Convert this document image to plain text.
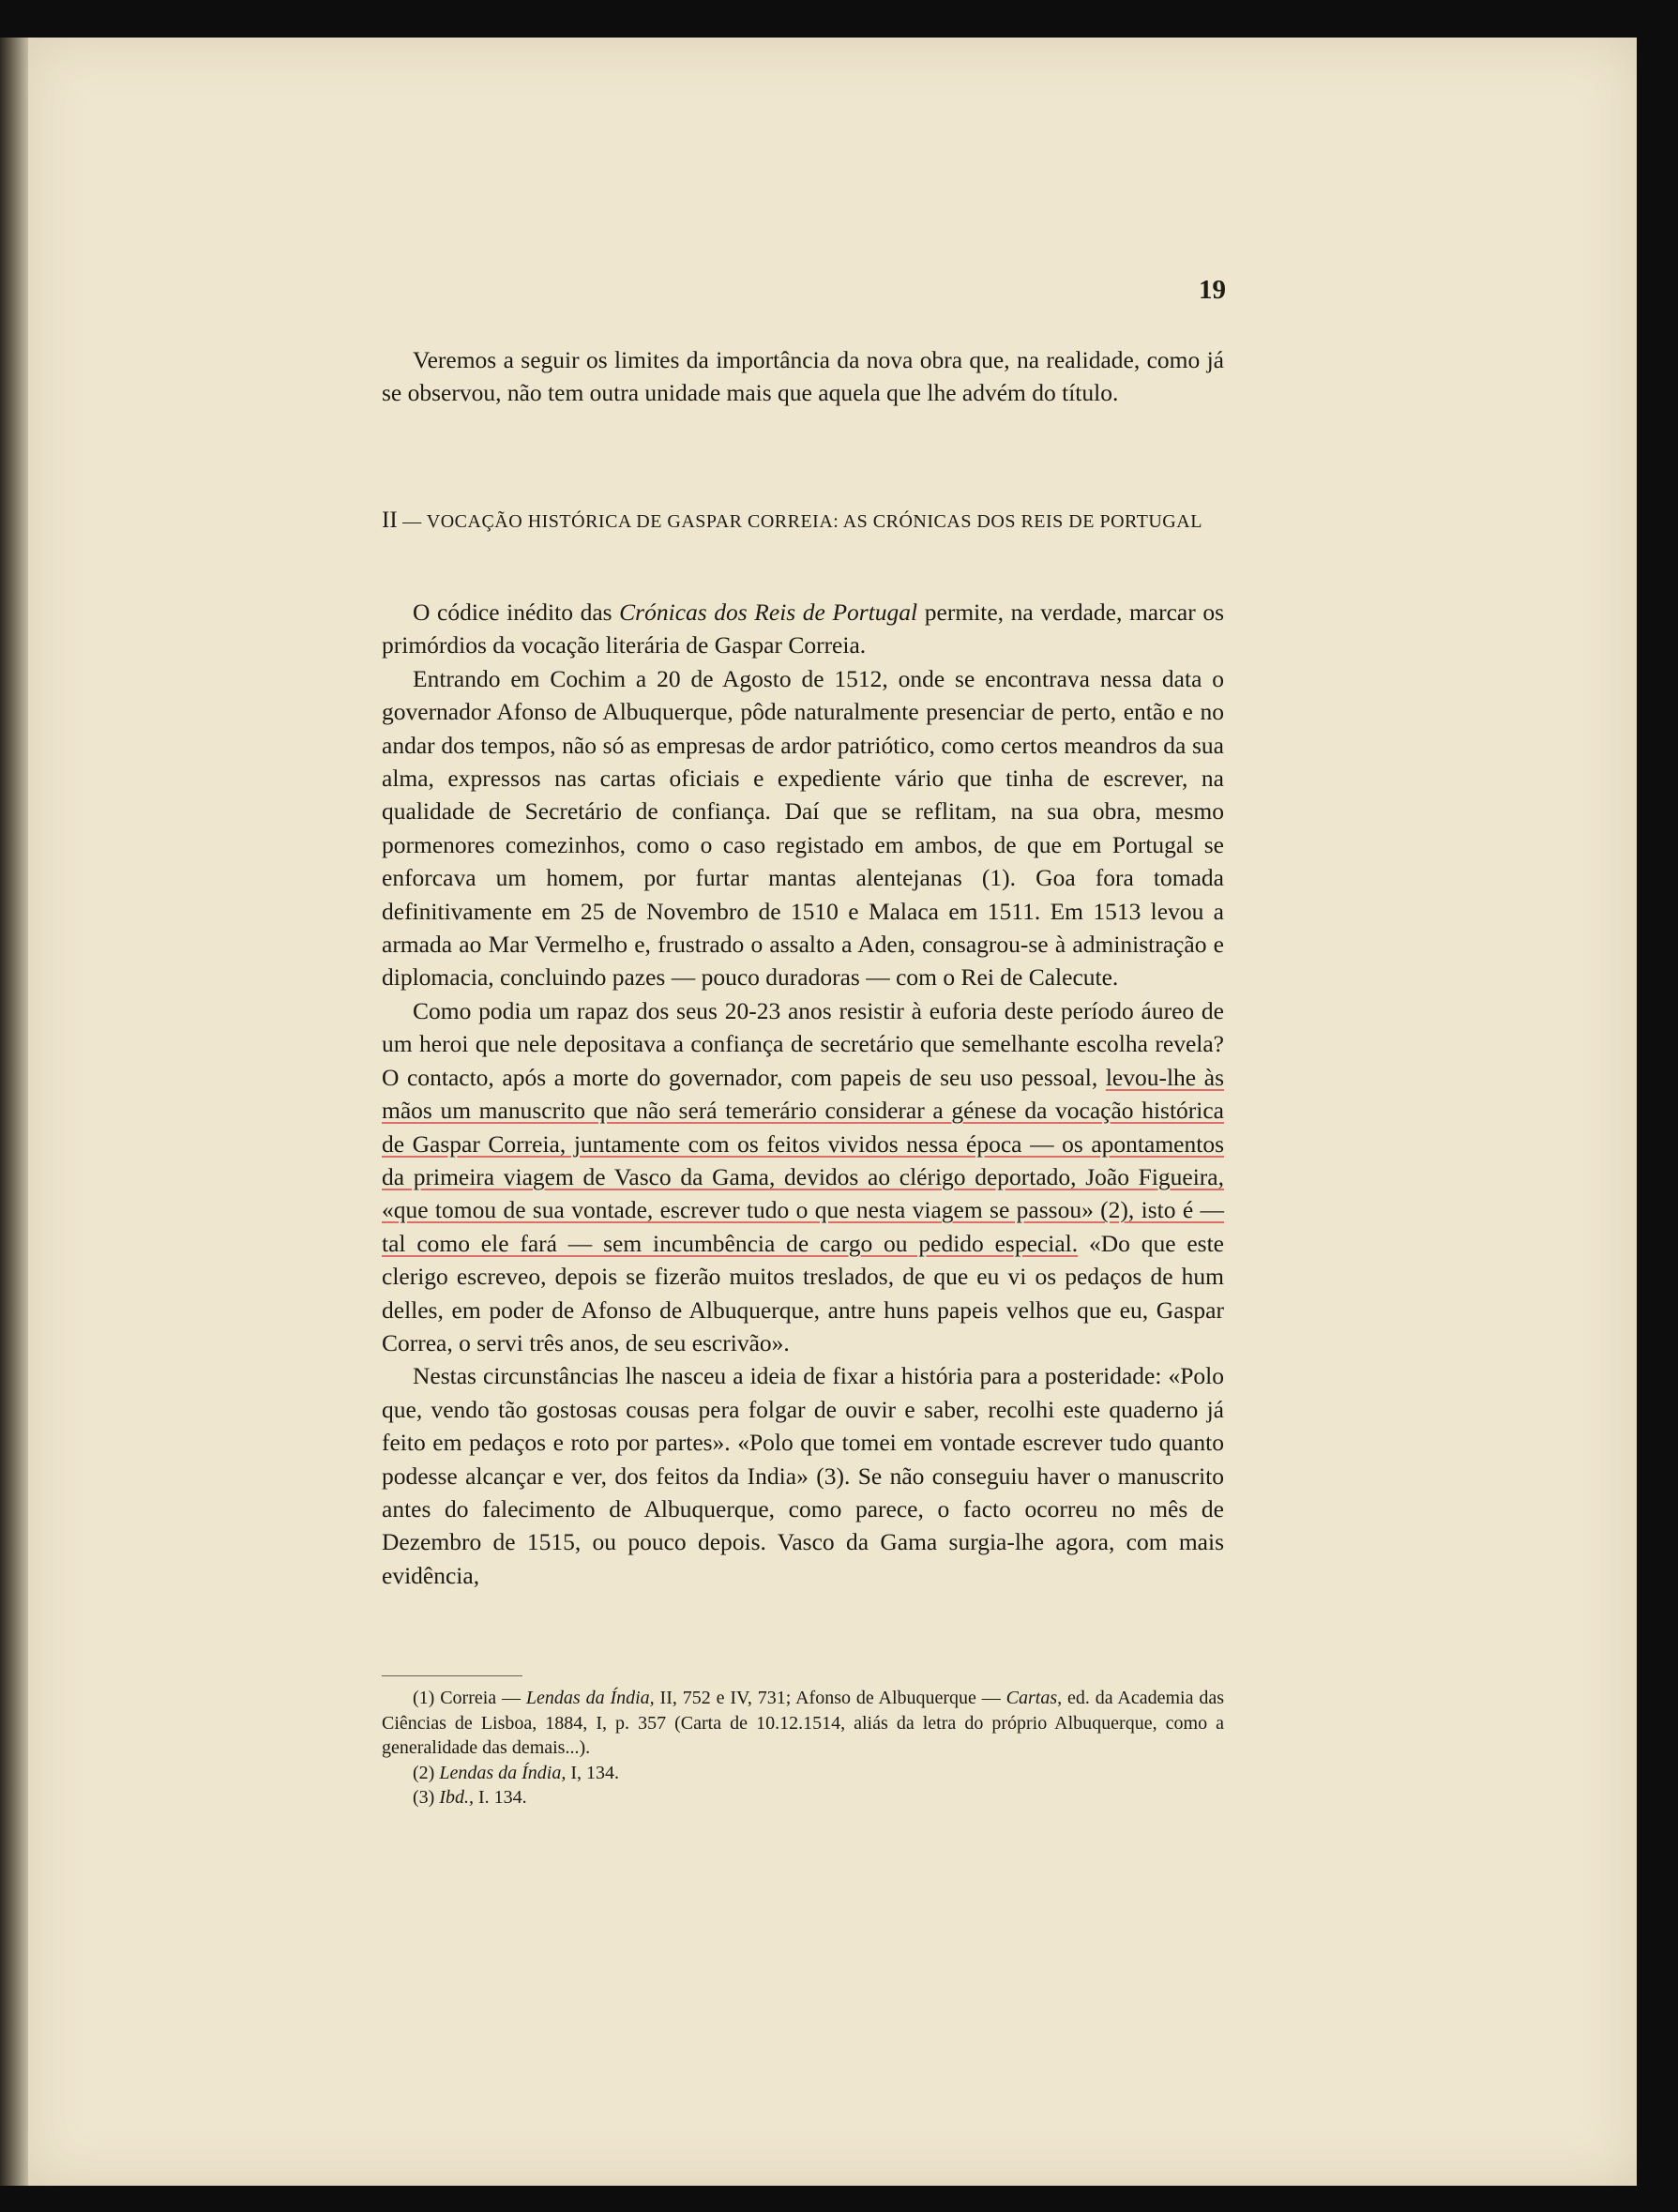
19

Veremos a seguir os limites da importância da nova obra que, na realidade, como já se observou, não tem outra unidade mais que aquela que lhe advém do título.

II — VOCAÇÃO HISTÓRICA DE GASPAR CORREIA: AS CRÓNICAS DOS REIS DE PORTUGAL

O códice inédito das Crónicas dos Reis de Portugal permite, na verdade, marcar os primórdios da vocação literária de Gaspar Correia.

Entrando em Cochim a 20 de Agosto de 1512, onde se encontrava nessa data o governador Afonso de Albuquerque, pôde naturalmente presenciar de perto, então e no andar dos tempos, não só as empresas de ardor patriótico, como certos meandros da sua alma, expressos nas cartas oficiais e expediente vário que tinha de escrever, na qualidade de Secretário de confiança. Daí que se reflitam, na sua obra, mesmo pormenores comezinhos, como o caso registado em ambos, de que em Portugal se enforcava um homem, por furtar mantas alentejanas (1). Goa fora tomada definitivamente em 25 de Novembro de 1510 e Malaca em 1511. Em 1513 levou a armada ao Mar Vermelho e, frustrado o assalto a Aden, consagrou-se à administração e diplomacia, concluindo pazes — pouco duradoras — com o Rei de Calecute.

Como podia um rapaz dos seus 20-23 anos resistir à euforia deste período áureo de um heroi que nele depositava a confiança de secretário que semelhante escolha revela? O contacto, após a morte do governador, com papeis de seu uso pessoal, levou-lhe às mãos um manuscrito que não será temerário considerar a génese da vocação histórica de Gaspar Correia, juntamente com os feitos vividos nessa época — os apontamentos da primeira viagem de Vasco da Gama, devidos ao clérigo deportado, João Figueira, «que tomou de sua vontade, escrever tudo o que nesta viagem se passou» (2), isto é — tal como ele fará — sem incumbência de cargo ou pedido especial. «Do que este clerigo escreveo, depois se fizerão muitos treslados, de que eu vi os pedaços de hum delles, em poder de Afonso de Albuquerque, antre huns papeis velhos que eu, Gaspar Correa, o servi três anos, de seu escrivão».

Nestas circunstâncias lhe nasceu a ideia de fixar a história para a posteridade: «Polo que, vendo tão gostosas cousas pera folgar de ouvir e saber, recolhi este quaderno já feito em pedaços e roto por partes». «Polo que tomei em vontade escrever tudo quanto podesse alcançar e ver, dos feitos da India» (3). Se não conseguiu haver o manuscrito antes do falecimento de Albuquerque, como parece, o facto ocorreu no mês de Dezembro de 1515, ou pouco depois. Vasco da Gama surgia-lhe agora, com mais evidência,

(1) Correia — Lendas da Índia, II, 752 e IV, 731; Afonso de Albuquerque — Cartas, ed. da Academia das Ciências de Lisboa, 1884, I, p. 357 (Carta de 10.12.1514, aliás da letra do próprio Albuquerque, como a generalidade das demais...).

(2) Lendas da Índia, I, 134.

(3) Ibd., I. 134.
